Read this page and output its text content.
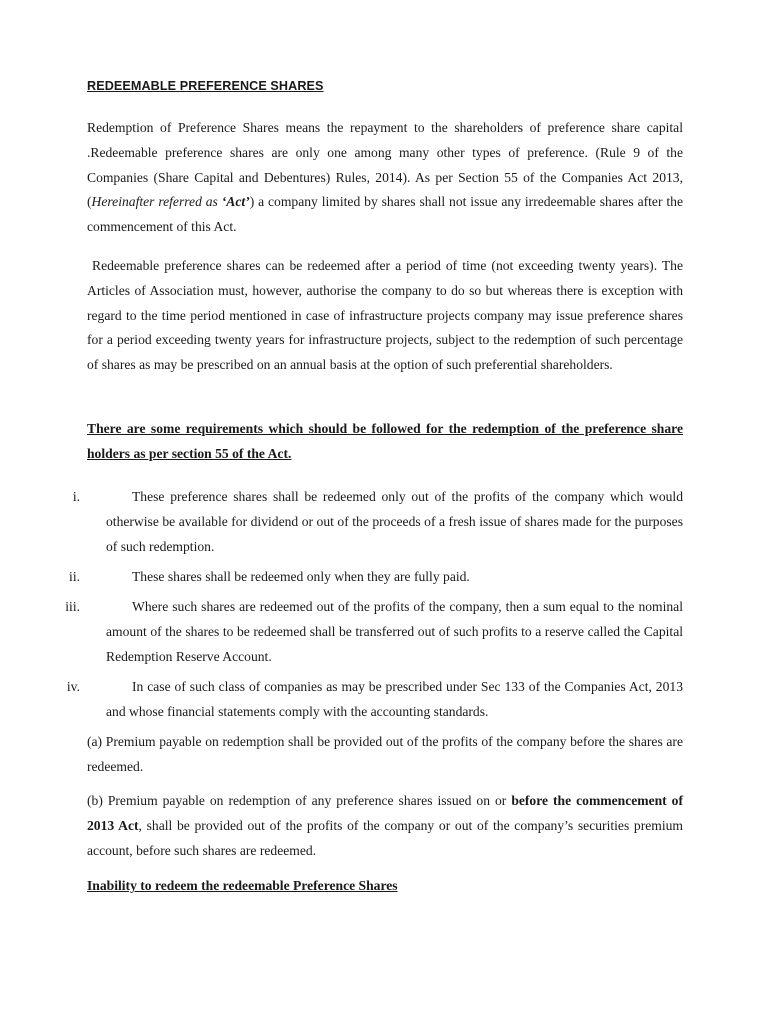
REDEEMABLE PREFERENCE SHARES

Redemption of Preference Shares means the repayment to the shareholders of preference share capital .Redeemable preference shares are only one among many other types of preference. (Rule 9 of the Companies (Share Capital and Debentures) Rules, 2014). As per Section 55 of the Companies Act 2013,(Hereinafter referred as ‘Act’) a company limited by shares shall not issue any irredeemable shares after the commencement of this Act.

Redeemable preference shares can be redeemed after a period of time (not exceeding twenty years). The Articles of Association must, however, authorise the company to do so but whereas there is exception with regard to the time period mentioned in case of infrastructure projects company may issue preference shares for a period exceeding twenty years for infrastructure projects, subject to the redemption of such percentage of shares as may be prescribed on an annual basis at the option of such preferential shareholders.

There are some requirements which should be followed for the redemption of the preference share holders as per section 55 of the Act.

i.	These preference shares shall be redeemed only out of the profits of the company which would otherwise be available for dividend or out of the proceeds of a fresh issue of shares made for the purposes of such redemption.

ii.	These shares shall be redeemed only when they are fully paid.

iii.	Where such shares are redeemed out of the profits of the company, then a sum equal to the nominal amount of the shares to be redeemed shall be transferred out of such profits to a reserve called the Capital Redemption Reserve Account.

iv.	In case of such class of companies as may be prescribed under Sec 133 of the Companies Act, 2013 and whose financial statements comply with the accounting standards.

(a) Premium payable on redemption shall be provided out of the profits of the company before the shares are redeemed.

(b) Premium payable on redemption of any preference shares issued on or before the commencement of 2013 Act, shall be provided out of the profits of the company or out of the company’s securities premium account, before such shares are redeemed.

Inability to redeem the redeemable Preference Shares
